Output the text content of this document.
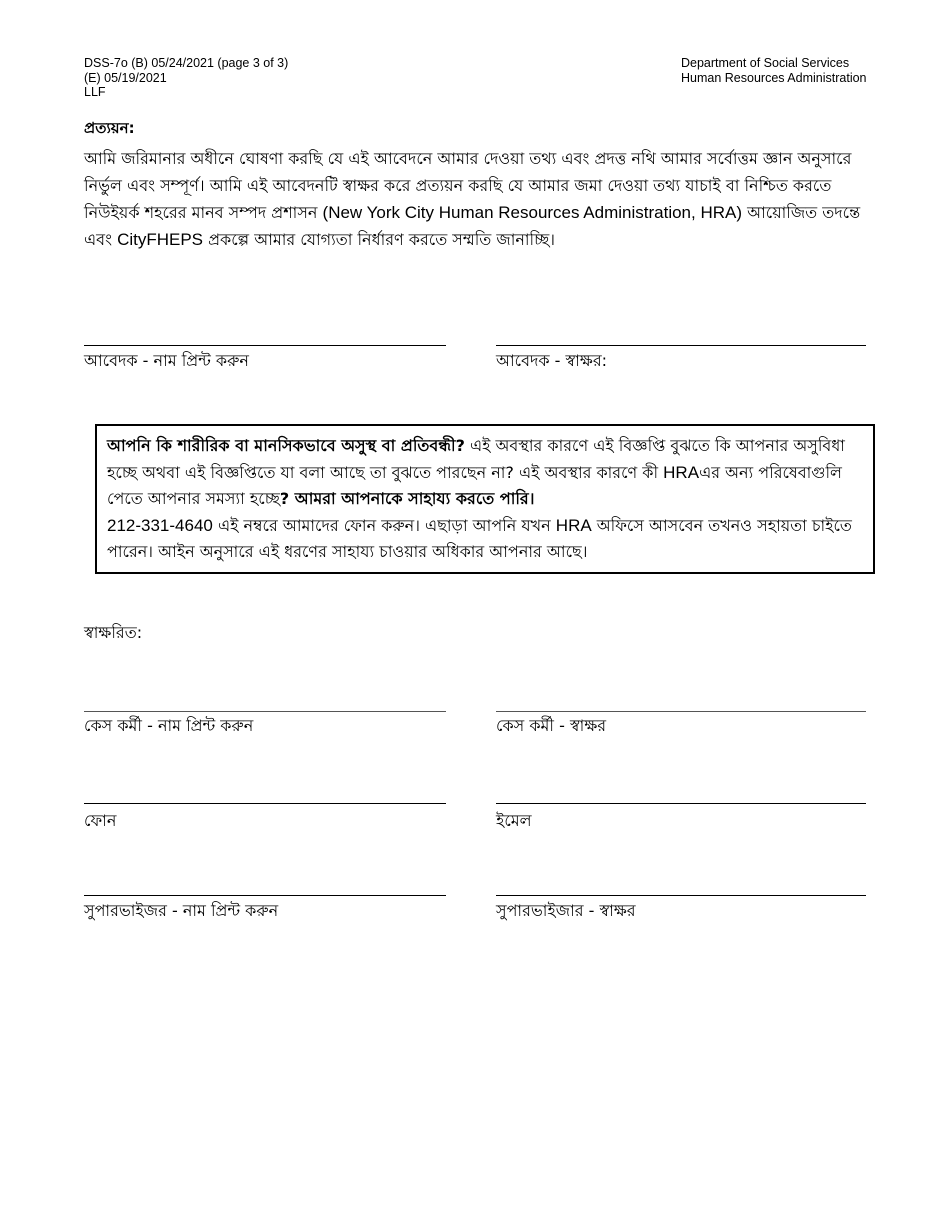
DSS-7o (B) 05/24/2021 (page 3 of 3)
(E) 05/19/2021
LLF
Department of Social Services
Human Resources Administration
প্রত্যয়ন:
আমি জরিমানার অধীনে ঘোষণা করছি যে এই আবেদনে আমার দেওয়া তথ্য এবং প্রদত্ত নথি আমার সর্বোত্তম জ্ঞান অনুসারে নির্ভুল এবং সম্পূর্ণ। আমি এই আবেদনটি স্বাক্ষর করে প্রত্যয়ন করছি যে আমার জমা দেওয়া তথ্য যাচাই বা নিশ্চিত করতে নিউইয়র্ক শহরের মানব সম্পদ প্রশাসন (New York City Human Resources Administration, HRA) আয়োজিত তদন্তে এবং CityFHEPS প্রকল্পে আমার যোগ্যতা নির্ধারণ করতে সম্মতি জানাচ্ছি।
আবেদক - নাম প্রিন্ট করুন	আবেদক - স্বাক্ষর:
আপনি কি শারীরিক বা মানসিকভাবে অসুস্থ বা প্রতিবন্ধী? এই অবস্থার কারণে এই বিজ্ঞপ্তি বুঝতে কি আপনার অসুবিধা হচ্ছে অথবা এই বিজ্ঞপ্তিতে যা বলা আছে তা বুঝতে পারছেন না? এই অবস্থার কারণে কী HRAএর অন্য পরিষেবাগুলি পেতে আপনার সমস্যা হচ্ছে? আমরা আপনাকে সাহায্য করতে পারি।
212-331-4640 এই নম্বরে আমাদের ফোন করুন। এছাড়া আপনি যখন HRA অফিসে আসবেন তখনও সহায়তা চাইতে পারেন। আইন অনুসারে এই ধরণের সাহায্য চাওয়ার অধিকার আপনার আছে।
স্বাক্ষরিত:
কেস কর্মী - নাম প্রিন্ট করুন	কেস কর্মী - স্বাক্ষর
ফোন	ইমেল
সুপারভাইজর - নাম প্রিন্ট করুন	সুপারভাইজার - স্বাক্ষর
